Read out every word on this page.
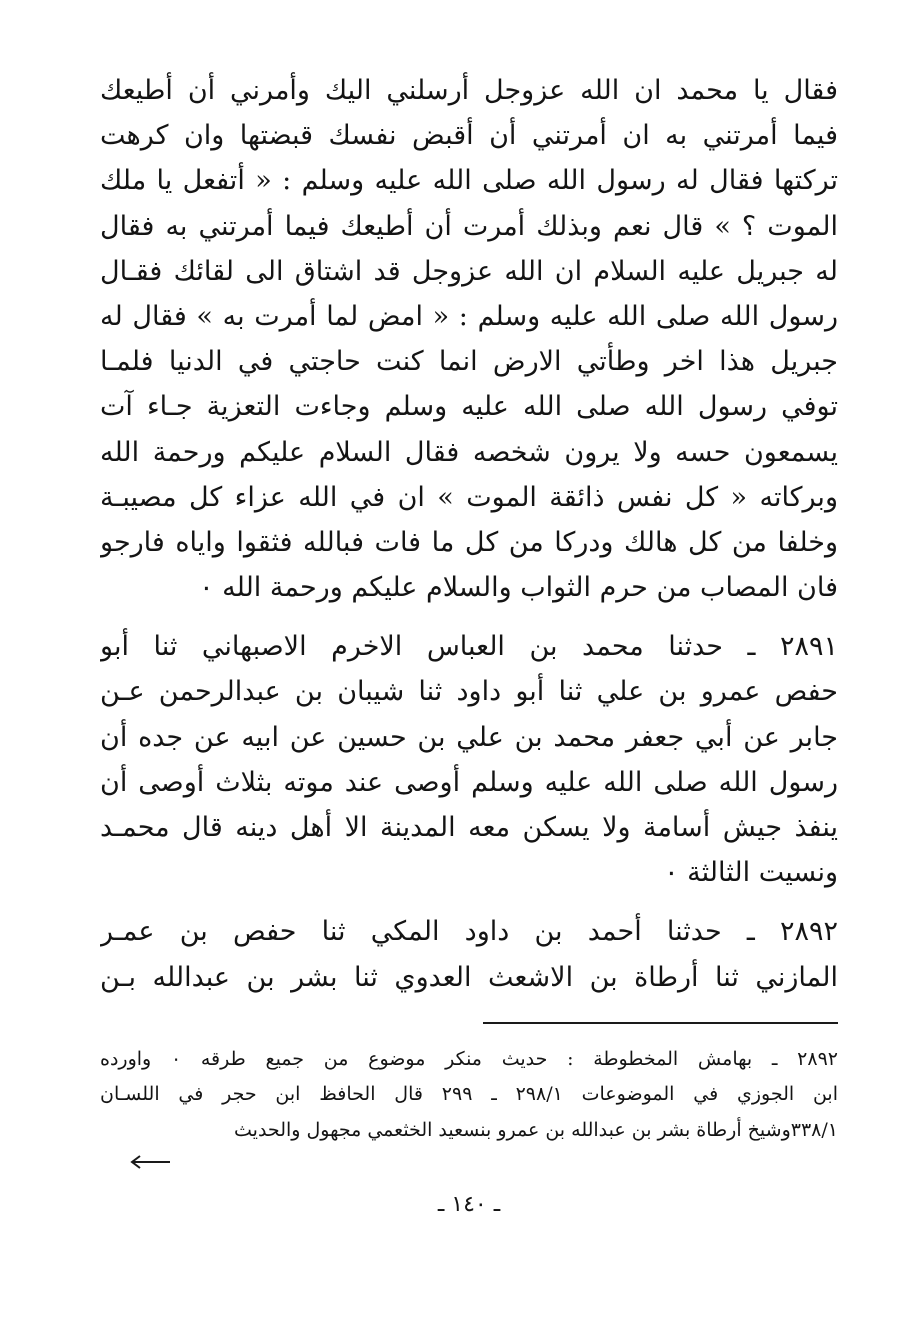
فقال يا محمد ان الله عزوجل أرسلني اليك وأمرني أن أطيعك
فيما أمرتني به ان أمرتني أن أقبض نفسك قبضتها وان كرهت
تركتها فقال له رسول الله صلى الله عليه وسلم : « أتفعل يا ملك
الموت ؟ » قال نعم وبذلك أمرت أن أطيعك فيما أمرتني به فقال
له جبريل عليه السلام ان الله عزوجل قد اشتاق الى لقائك فقـال
رسول الله صلى الله عليه وسلم : « امض لما أمرت به » فقال له
جبريل هذا اخر وطأتي الارض انما كنت حاجتي في الدنيا فلمـا
توفي رسول الله صلى الله عليه وسلم وجاءت التعزية جـاء آت
يسمعون حسه ولا يرون شخصه فقال السلام عليكم ورحمة الله
وبركاته « كل نفس ذائقة الموت » ان في الله عزاء كل مصيبـة
وخلفا من كل هالك ودركا من كل ما فات فبالله فثقوا واياه فارجو
فان المصاب من حرم الثواب والسلام عليكم ورحمة الله ٠
٢٨٩١ ـ حدثنا محمد بن العباس الاخرم الاصبهاني ثنا أبو
حفص عمرو بن علي ثنا أبو داود ثنا شيبان بن عبدالرحمن عـن
جابر عن أبي جعفر محمد بن علي بن حسين عن ابيه عن جده أن
رسول الله صلى الله عليه وسلم أوصى عند موته بثلاث أوصى أن
ينفذ جيش أسامة ولا يسكن معه المدينة الا أهل دينه قال محمـد
ونسيت الثالثة ٠
٢٨٩٢ ـ حدثنا أحمد بن داود المكي ثنا حفص بن عمـر
المازني ثنا أرطاة بن الاشعث العدوي ثنا بشر بن عبدالله بـن
٢٨٩٢ ـ بهامش المخطوطة : حديث منكر موضوع من جميع طرقه ٠ واورده
ابن الجوزي في الموضوعات ٢٩٨/١ ـ ٢٩٩ قال الحافظ ابن حجر في اللسـان
٣٣٨/١وشيخ أرطاة بشر بن عبدالله بن عمرو بنسعيد الخثعمي مجهول والحديث
ـ ١٤٠ ـ
